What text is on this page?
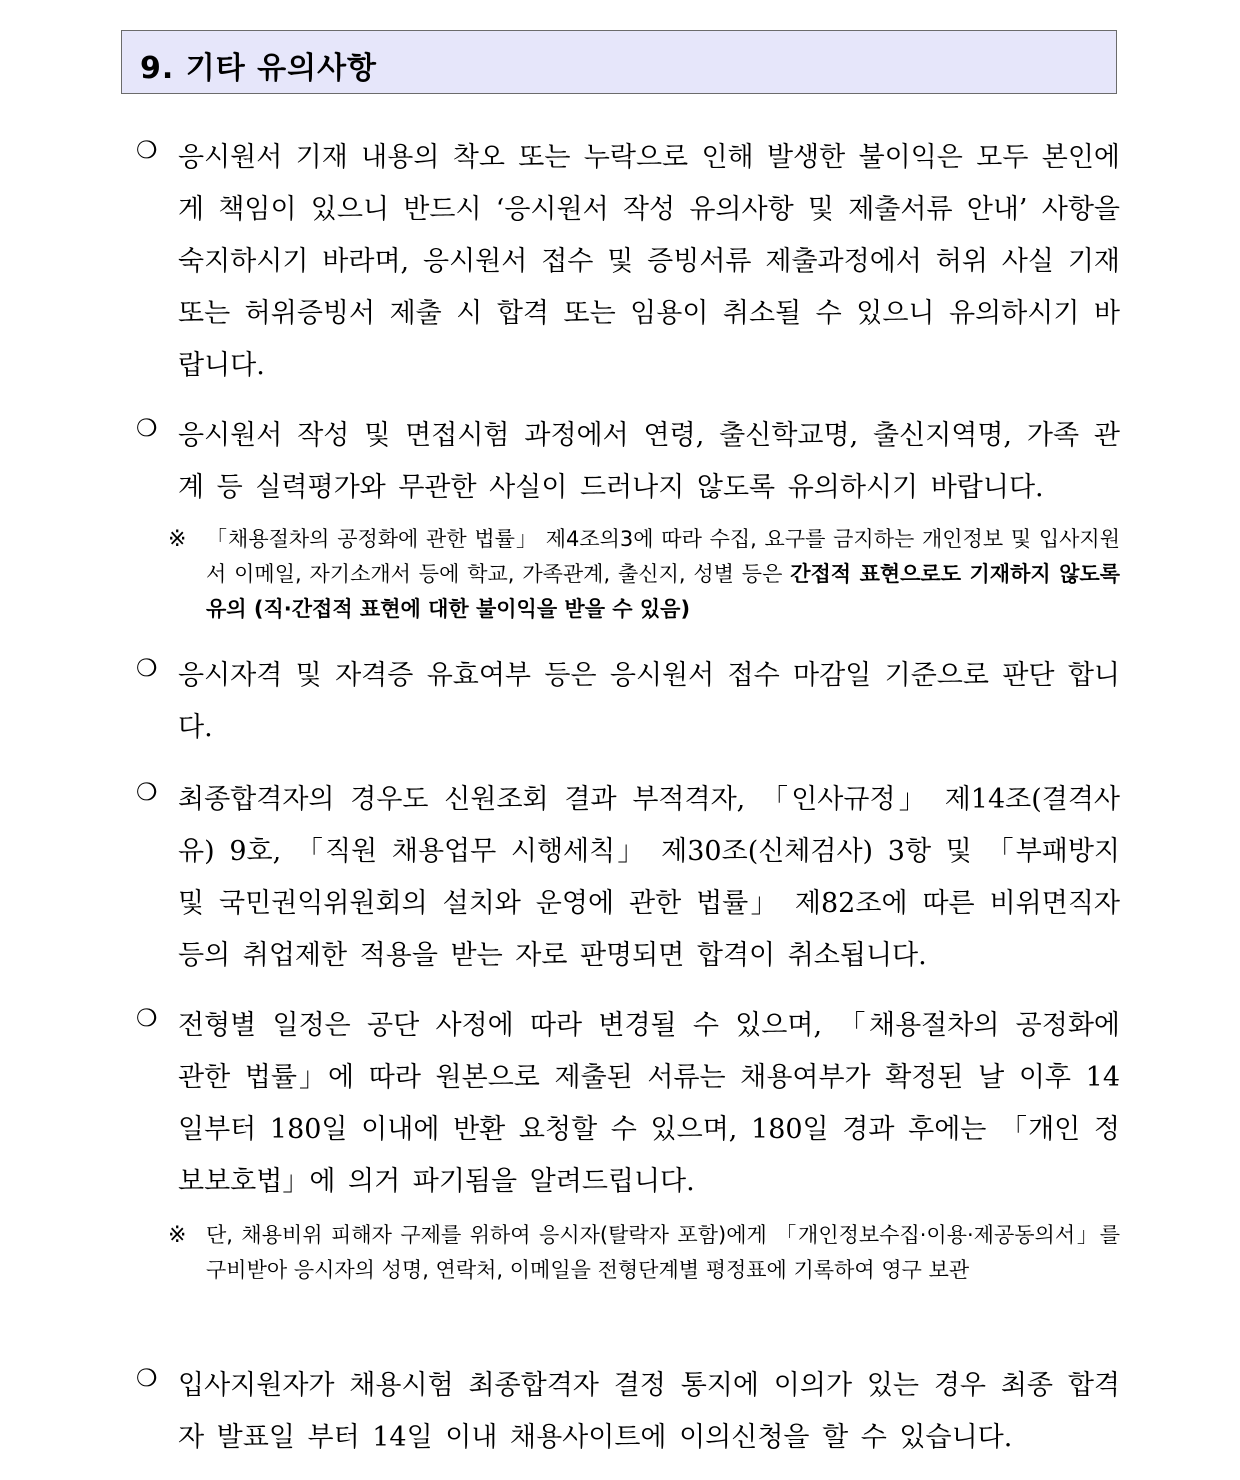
9. 기타 유의사항
❍ 응시원서 기재 내용의 착오 또는 누락으로 인해 발생한 불이익은 모두 본인에게 책임이 있으니 반드시 ‘응시원서 작성 유의사항 및 제출서류 안내’ 사항을 숙지하시기 바라며, 응시원서 접수 및 증빙서류 제출과정에서 허위 사실 기재 또는 허위증빙서 제출 시 합격 또는 임용이 취소될 수 있으니 유의하시기 바랍니다.
❍ 응시원서 작성 및 면접시험 과정에서 연령, 출신학교명, 출신지역명, 가족 관계 등 실력평가와 무관한 사실이 드러나지 않도록 유의하시기 바랍니다.
※ 「채용절차의 공정화에 관한 법률」 제4조의3에 따라 수집, 요구를 금지하는 개인정보 및 입사지원서 이메일, 자기소개서 등에 학교, 가족관계, 출신지, 성별 등은 간접적 표현으로도 기재하지 않도록 유의 (직·간접적 표현에 대한 불이익을 받을 수 있음)
❍ 응시자격 및 자격증 유효여부 등은 응시원서 접수 마감일 기준으로 판단 합니다.
❍ 최종합격자의 경우도 신원조회 결과 부적격자, 「인사규정」 제14조(결격사유) 9호, 「직원 채용업무 시행세칙」 제30조(신체검사) 3항 및 「부패방지 및 국민권익위원회의 설치와 운영에 관한 법률」 제82조에 따른 비위면직자 등의 취업제한 적용을 받는 자로 판명되면 합격이 취소됩니다.
❍ 전형별 일정은 공단 사정에 따라 변경될 수 있으며, 「채용절차의 공정화에 관한 법률」에 따라 원본으로 제출된 서류는 채용여부가 확정된 날 이후 14일부터 180일 이내에 반환 요청할 수 있으며, 180일 경과 후에는 「개인 정보보호법」에 의거 파기됨을 알려드립니다.
※ 단, 채용비위 피해자 구제를 위하여 응시자(탈락자 포함)에게 「개인정보수집·이용·제공동의서」를 구비받아 응시자의 성명, 연락처, 이메일을 전형단계별 평정표에 기록하여 영구 보관
❍ 입사지원자가 채용시험 최종합격자 결정 통지에 이의가 있는 경우 최종 합격자 발표일 부터 14일 이내 채용사이트에 이의신청을 할 수 있습니다.
